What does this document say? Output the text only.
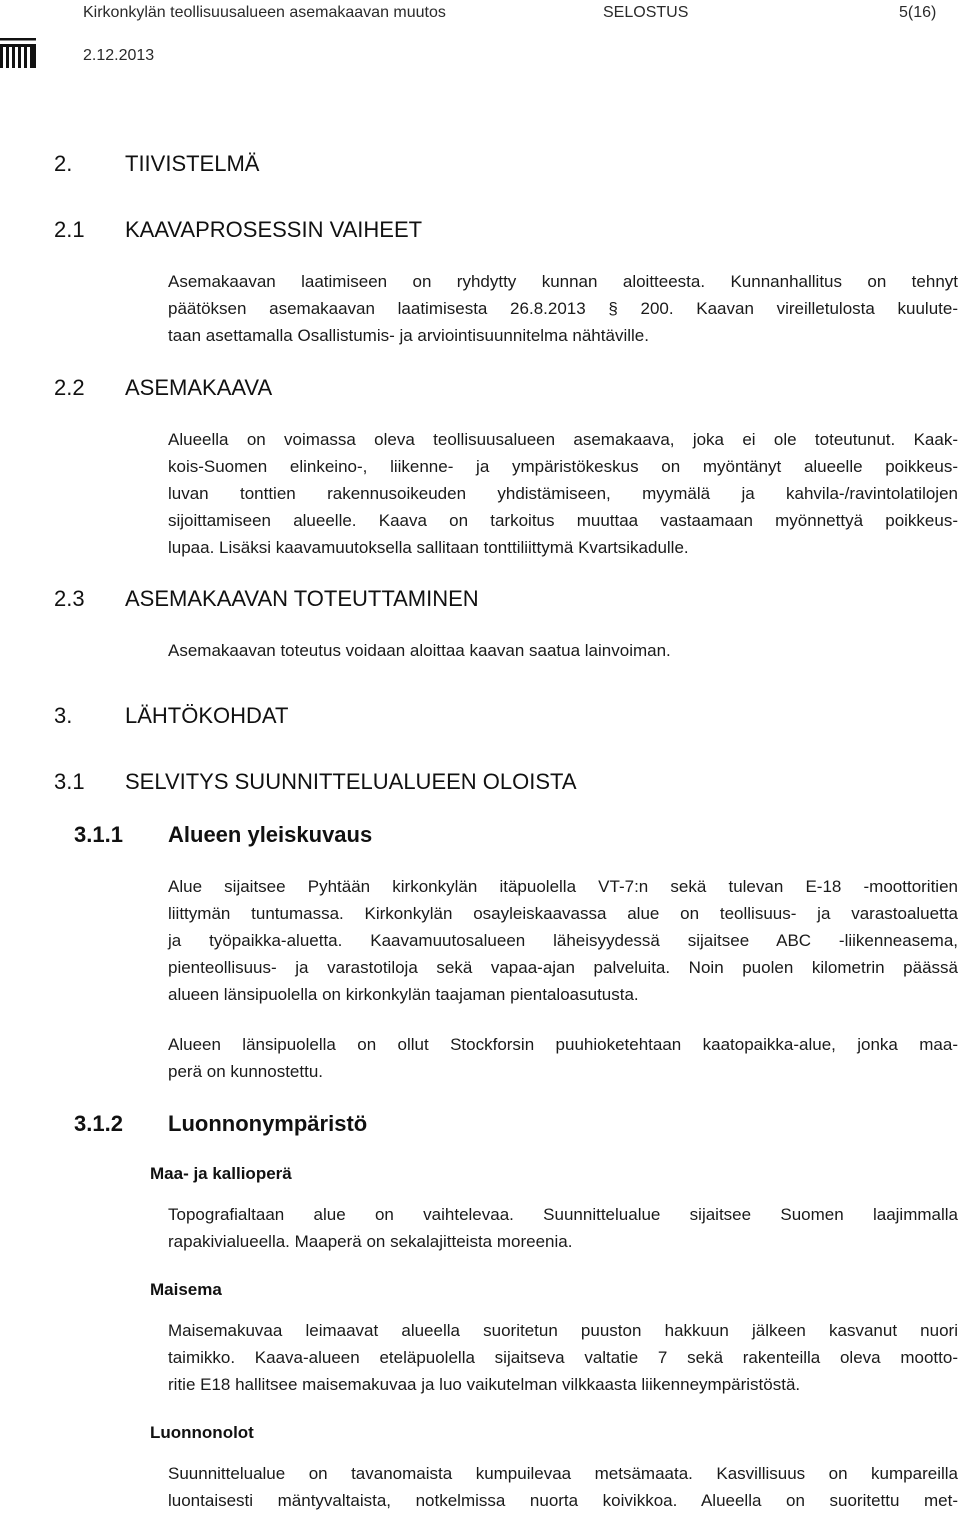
Kirkonkylän teollisuusalueen asemakaavan muutos	SELOSTUS	5(16)
2.12.2013
2. TIIVISTELMÄ
2.1 KAAVAPROSESSIN VAIHEET
Asemakaavan laatimiseen on ryhdytty kunnan aloitteesta. Kunnanhallitus on tehnyt
päätöksen asemakaavan laatimisesta 26.8.2013 § 200. Kaavan vireilletulosta kuulute-
taan asettamalla Osallistumis- ja arviointisuunnitelma nähtäville.
2.2 ASEMAKAAVA
Alueella on voimassa oleva teollisuusalueen asemakaava, joka ei ole toteutunut. Kaak-
kois-Suomen elinkeino-, liikenne- ja ympäristökeskus on myöntänyt alueelle poikkeus-
luvan tonttien rakennusoikeuden yhdistämiseen, myymälä ja kahvila-/ravintolatilojen
sijoittamiseen alueelle. Kaava on tarkoitus muuttaa vastaamaan myönnettyä poikkeus-
lupaa. Lisäksi kaavamuutoksella sallitaan tonttiliittymä Kvartsikadulle.
2.3 ASEMAKAAVAN TOTEUTTAMINEN
Asemakaavan toteutus voidaan aloittaa kaavan saatua lainvoiman.
3. LÄHTÖKOHDAT
3.1 SELVITYS SUUNNITTELUALUEEN OLOISTA
3.1.1 Alueen yleiskuvaus
Alue sijaitsee Pyhtään kirkonkylän itäpuolella VT-7:n sekä tulevan E-18 -moottoritien
liittymän tuntumassa. Kirkonkylän osayleiskaavassa alue on teollisuus- ja varastoaluetta
ja työpaikka-aluetta. Kaavamuutosalueen läheisyydessä sijaitsee ABC -liikenneasema,
pienteollisuus- ja varastotiloja sekä vapaa-ajan palveluita. Noin puolen kilometrin päässä
alueen länsipuolella on kirkonkylän taajaman pientaloasutusta.
Alueen länsipuolella on ollut Stockforsin puuhioketehtaan kaatopaikka-alue, jonka maa-
perä on kunnostettu.
3.1.2 Luonnonympäristö
Maa- ja kallioperä
Topografialtaan alue on vaihtelevaa. Suunnittelualue sijaitsee Suomen laajimmalla
rapakivialueella. Maaperä on sekalajitteista moreenia.
Maisema
Maisemakuvaa leimaavat alueella suoritetun puuston hakkuun jälkeen kasvanut nuori
taimikko. Kaava-alueen eteläpuolella sijaitseva valtatie 7 sekä rakenteilla oleva mootto-
ritie E18 hallitsee maisemakuvaa ja luo vaikutelman vilkkaasta liikenneympäristöstä.
Luonnonolot
Suunnittelualue on tavanomaista kumpuilevaa metsämaata. Kasvillisuus on kumpareilla
luontaisesti mäntyvaltaista, notkelmissa nuorta koivikkoa. Alueella on suoritettu met-
